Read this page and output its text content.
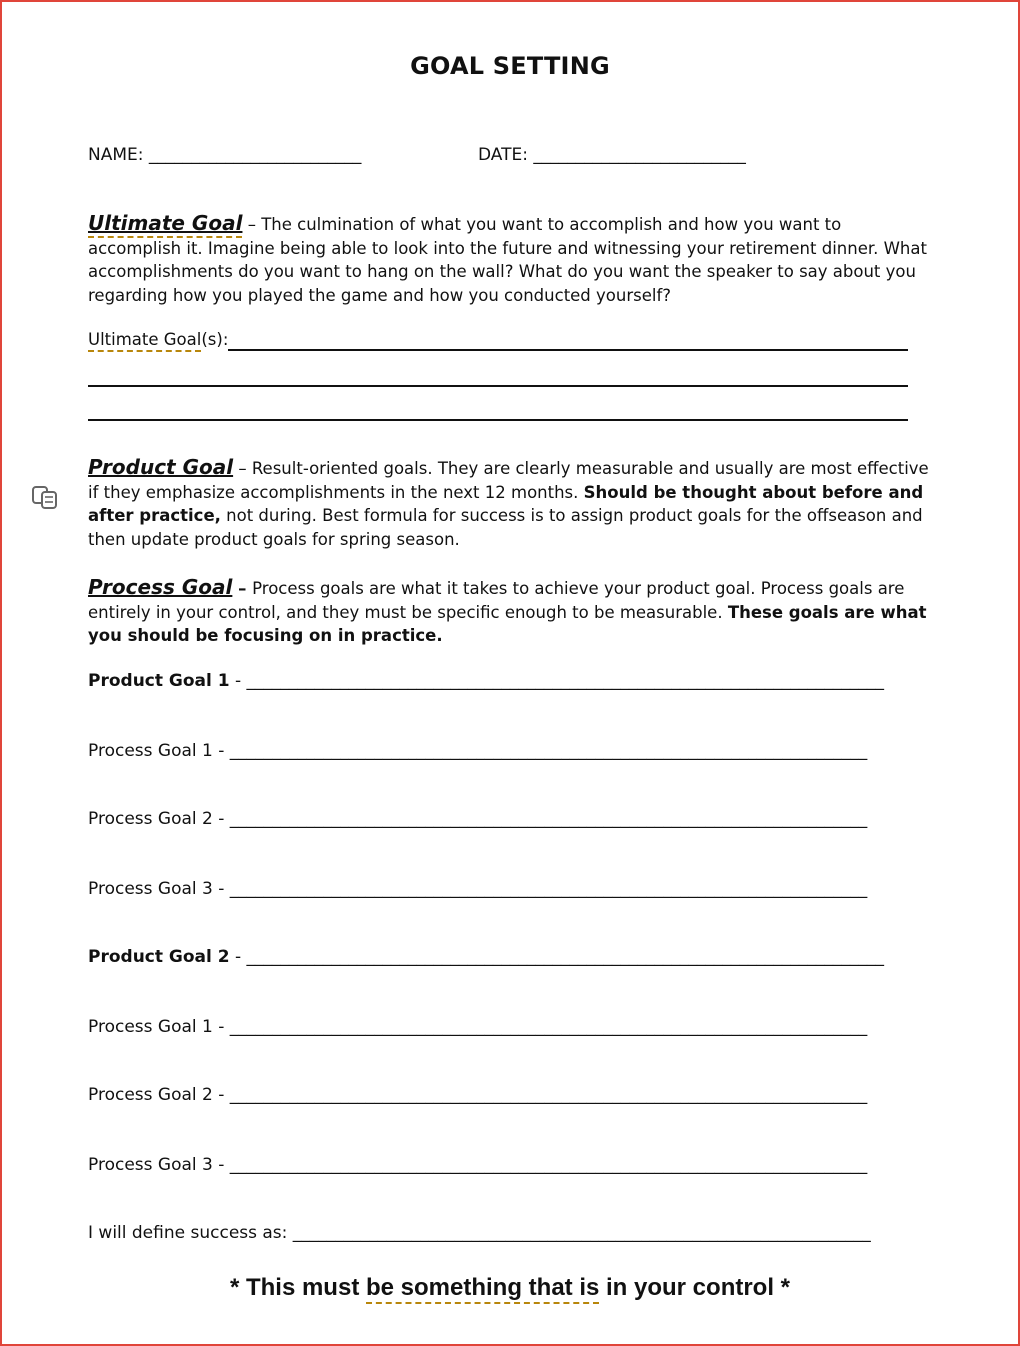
GOAL SETTING
NAME: _________________________	DATE: _________________________
Ultimate Goal – The culmination of what you want to accomplish and how you want to accomplish it. Imagine being able to look into the future and witnessing your retirement dinner. What accomplishments do you want to hang on the wall? What do you want the speaker to say about you regarding how you played the game and how you conducted yourself?
Ultimate Goal(s):
Product Goal – Result-oriented goals. They are clearly measurable and usually are most effective if they emphasize accomplishments in the next 12 months. Should be thought about before and after practice, not during. Best formula for success is to assign product goals for the offseason and then update product goals for spring season.
Process Goal – Process goals are what it takes to achieve your product goal. Process goals are entirely in your control, and they must be specific enough to be measurable. These goals are what you should be focusing on in practice.
Product Goal 1 - ___________________________________________________________________________
Process Goal 1 - ___________________________________________________________________________
Process Goal 2 - ___________________________________________________________________________
Process Goal 3 - ___________________________________________________________________________
Product Goal 2 - ___________________________________________________________________________
Process Goal 1 - ___________________________________________________________________________
Process Goal 2 - ___________________________________________________________________________
Process Goal 3 - ___________________________________________________________________________
I will define success as: ____________________________________________________________________
* This must be something that is in your control *
